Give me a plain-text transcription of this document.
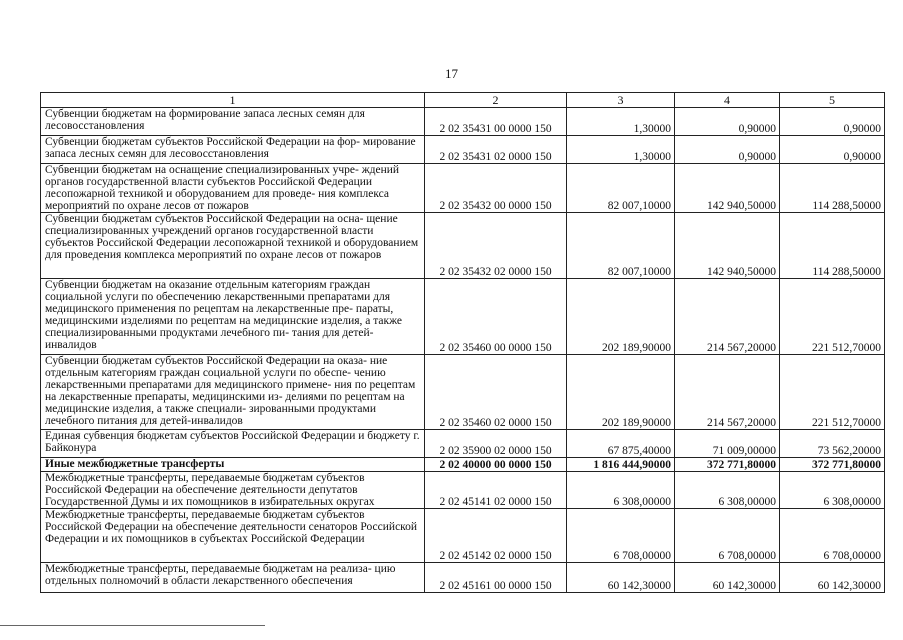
17
1	2	3	4	5
Субвенции бюджетам на формирование запаса лесных семян для лесовосстановления	2 02 35431 00 0000 150	1,30000	0,90000	0,90000
Субвенции бюджетам субъектов Российской Федерации на фор- мирование запаса лесных семян для лесовосстановления	2 02 35431 02 0000 150	1,30000	0,90000	0,90000
Субвенции бюджетам на оснащение специализированных учре- ждений органов государственной власти субъектов Российской Федерации лесопожарной техникой и оборудованием для проведе- ния комплекса мероприятий по охране лесов от пожаров	2 02 35432 00 0000 150	82 007,10000	142 940,50000	114 288,50000
Субвенции бюджетам субъектов Российской Федерации на осна- щение специализированных учреждений органов государственной власти субъектов Российской Федерации лесопожарной техникой и оборудованием для проведения комплекса мероприятий по охране лесов от пожаров	2 02 35432 02 0000 150	82 007,10000	142 940,50000	114 288,50000
Субвенции бюджетам на оказание отдельным категориям граждан социальной услуги по обеспечению лекарственными препаратами для медицинского применения по рецептам на лекарственные пре- параты, медицинскими изделиями по рецептам на медицинские изделия, а также специализированными продуктами лечебного пи- тания для детей-инвалидов	2 02 35460 00 0000 150	202 189,90000	214 567,20000	221 512,70000
Субвенции бюджетам субъектов Российской Федерации на оказа- ние отдельным категориям граждан социальной услуги по обеспе- чению лекарственными препаратами для медицинского примене- ния по рецептам на лекарственные препараты, медицинскими из- делиями по рецептам на медицинские изделия, а также специали- зированными продуктами лечебного питания для детей-инвалидов	2 02 35460 02 0000 150	202 189,90000	214 567,20000	221 512,70000
Единая субвенция бюджетам субъектов Российской Федерации и бюджету г. Байконура	2 02 35900 02 0000 150	67 875,40000	71 009,00000	73 562,20000
Иные межбюджетные трансферты	2 02 40000 00 0000 150	1 816 444,90000	372 771,80000	372 771,80000
Межбюджетные трансферты, передаваемые бюджетам субъектов Российской Федерации на обеспечение деятельности депутатов Государственной Думы и их помощников в избирательных округах	2 02 45141 02 0000 150	6 308,00000	6 308,00000	6 308,00000
Межбюджетные трансферты, передаваемые бюджетам субъектов Российской Федерации на обеспечение деятельности сенаторов Российской Федерации и их помощников в субъектах Российской Федерации	2 02 45142 02 0000 150	6 708,00000	6 708,00000	6 708,00000
Межбюджетные трансферты, передаваемые бюджетам на реализа- цию отдельных полномочий в области лекарственного обеспечения	2 02 45161 00 0000 150	60 142,30000	60 142,30000	60 142,30000
